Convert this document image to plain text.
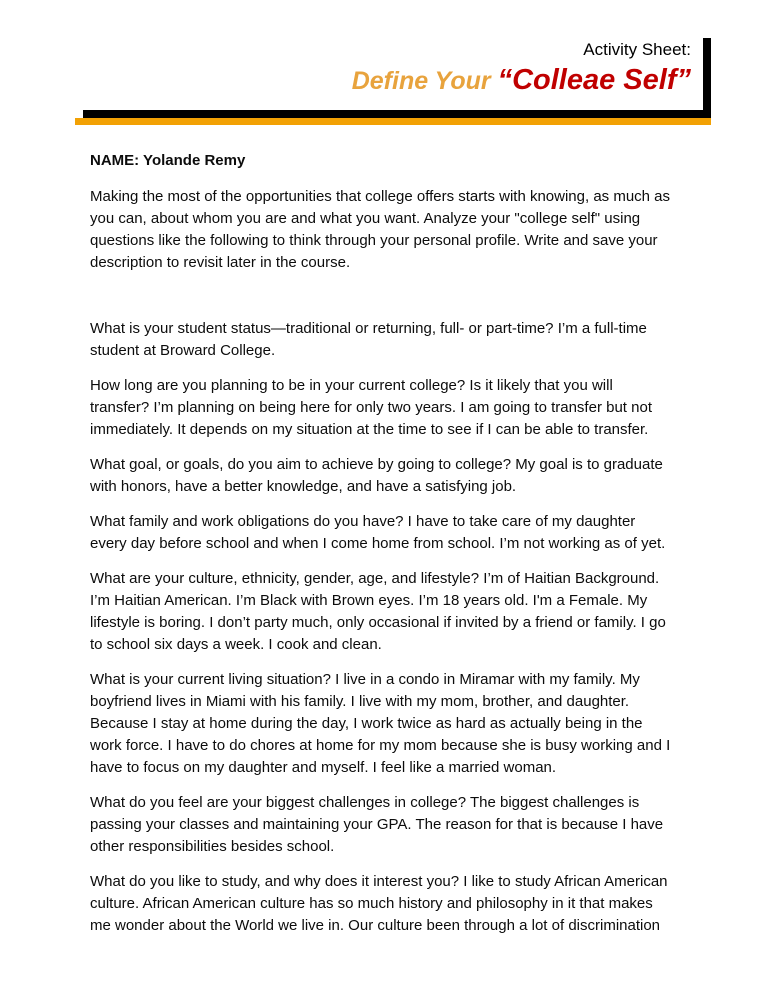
Activity Sheet:
Define Your “Colleae Self”

NAME: Yolande Remy

Making the most of the opportunities that college offers starts with knowing, as much as you can, about whom you are and what you want. Analyze your "college self" using questions like the following to think through your personal profile. Write and save your description to revisit later in the course.

What is your student status—traditional or returning, full- or part-time? I’m a full-time student at Broward College.

How long are you planning to be in your current college? Is it likely that you will transfer? I’m planning on being here for only two years. I am going to transfer but not immediately. It depends on my situation at the time to see if I can be able to transfer.

What goal, or goals, do you aim to achieve by going to college? My goal is to graduate with honors, have a better knowledge, and have a satisfying job.

What family and work obligations do you have? I have to take care of my daughter every day before school and when I come home from school. I’m not working as of yet.

What are your culture, ethnicity, gender, age, and lifestyle? I’m of Haitian Background. I’m Haitian American. I’m Black with Brown eyes. I’m 18 years old. I'm a Female. My lifestyle is boring. I don’t party much, only occasional if invited by a friend or family. I go to school six days a week. I cook and clean.

What is your current living situation? I live in a condo in Miramar with my family. My boyfriend lives in Miami with his family. I live with my mom, brother, and daughter. Because I stay at home during the day, I work twice as hard as actually being in the work force. I have to do chores at home for my mom because she is busy working and I have to focus on my daughter and myself. I feel like a married woman.

What do you feel are your biggest challenges in college? The biggest challenges is passing your classes and maintaining your GPA. The reason for that is because I have other responsibilities besides school.

What do you like to study, and why does it interest you? I like to study African American culture. African American culture has so much history and philosophy in it that makes me wonder about the World we live in. Our culture been through a lot of discrimination
